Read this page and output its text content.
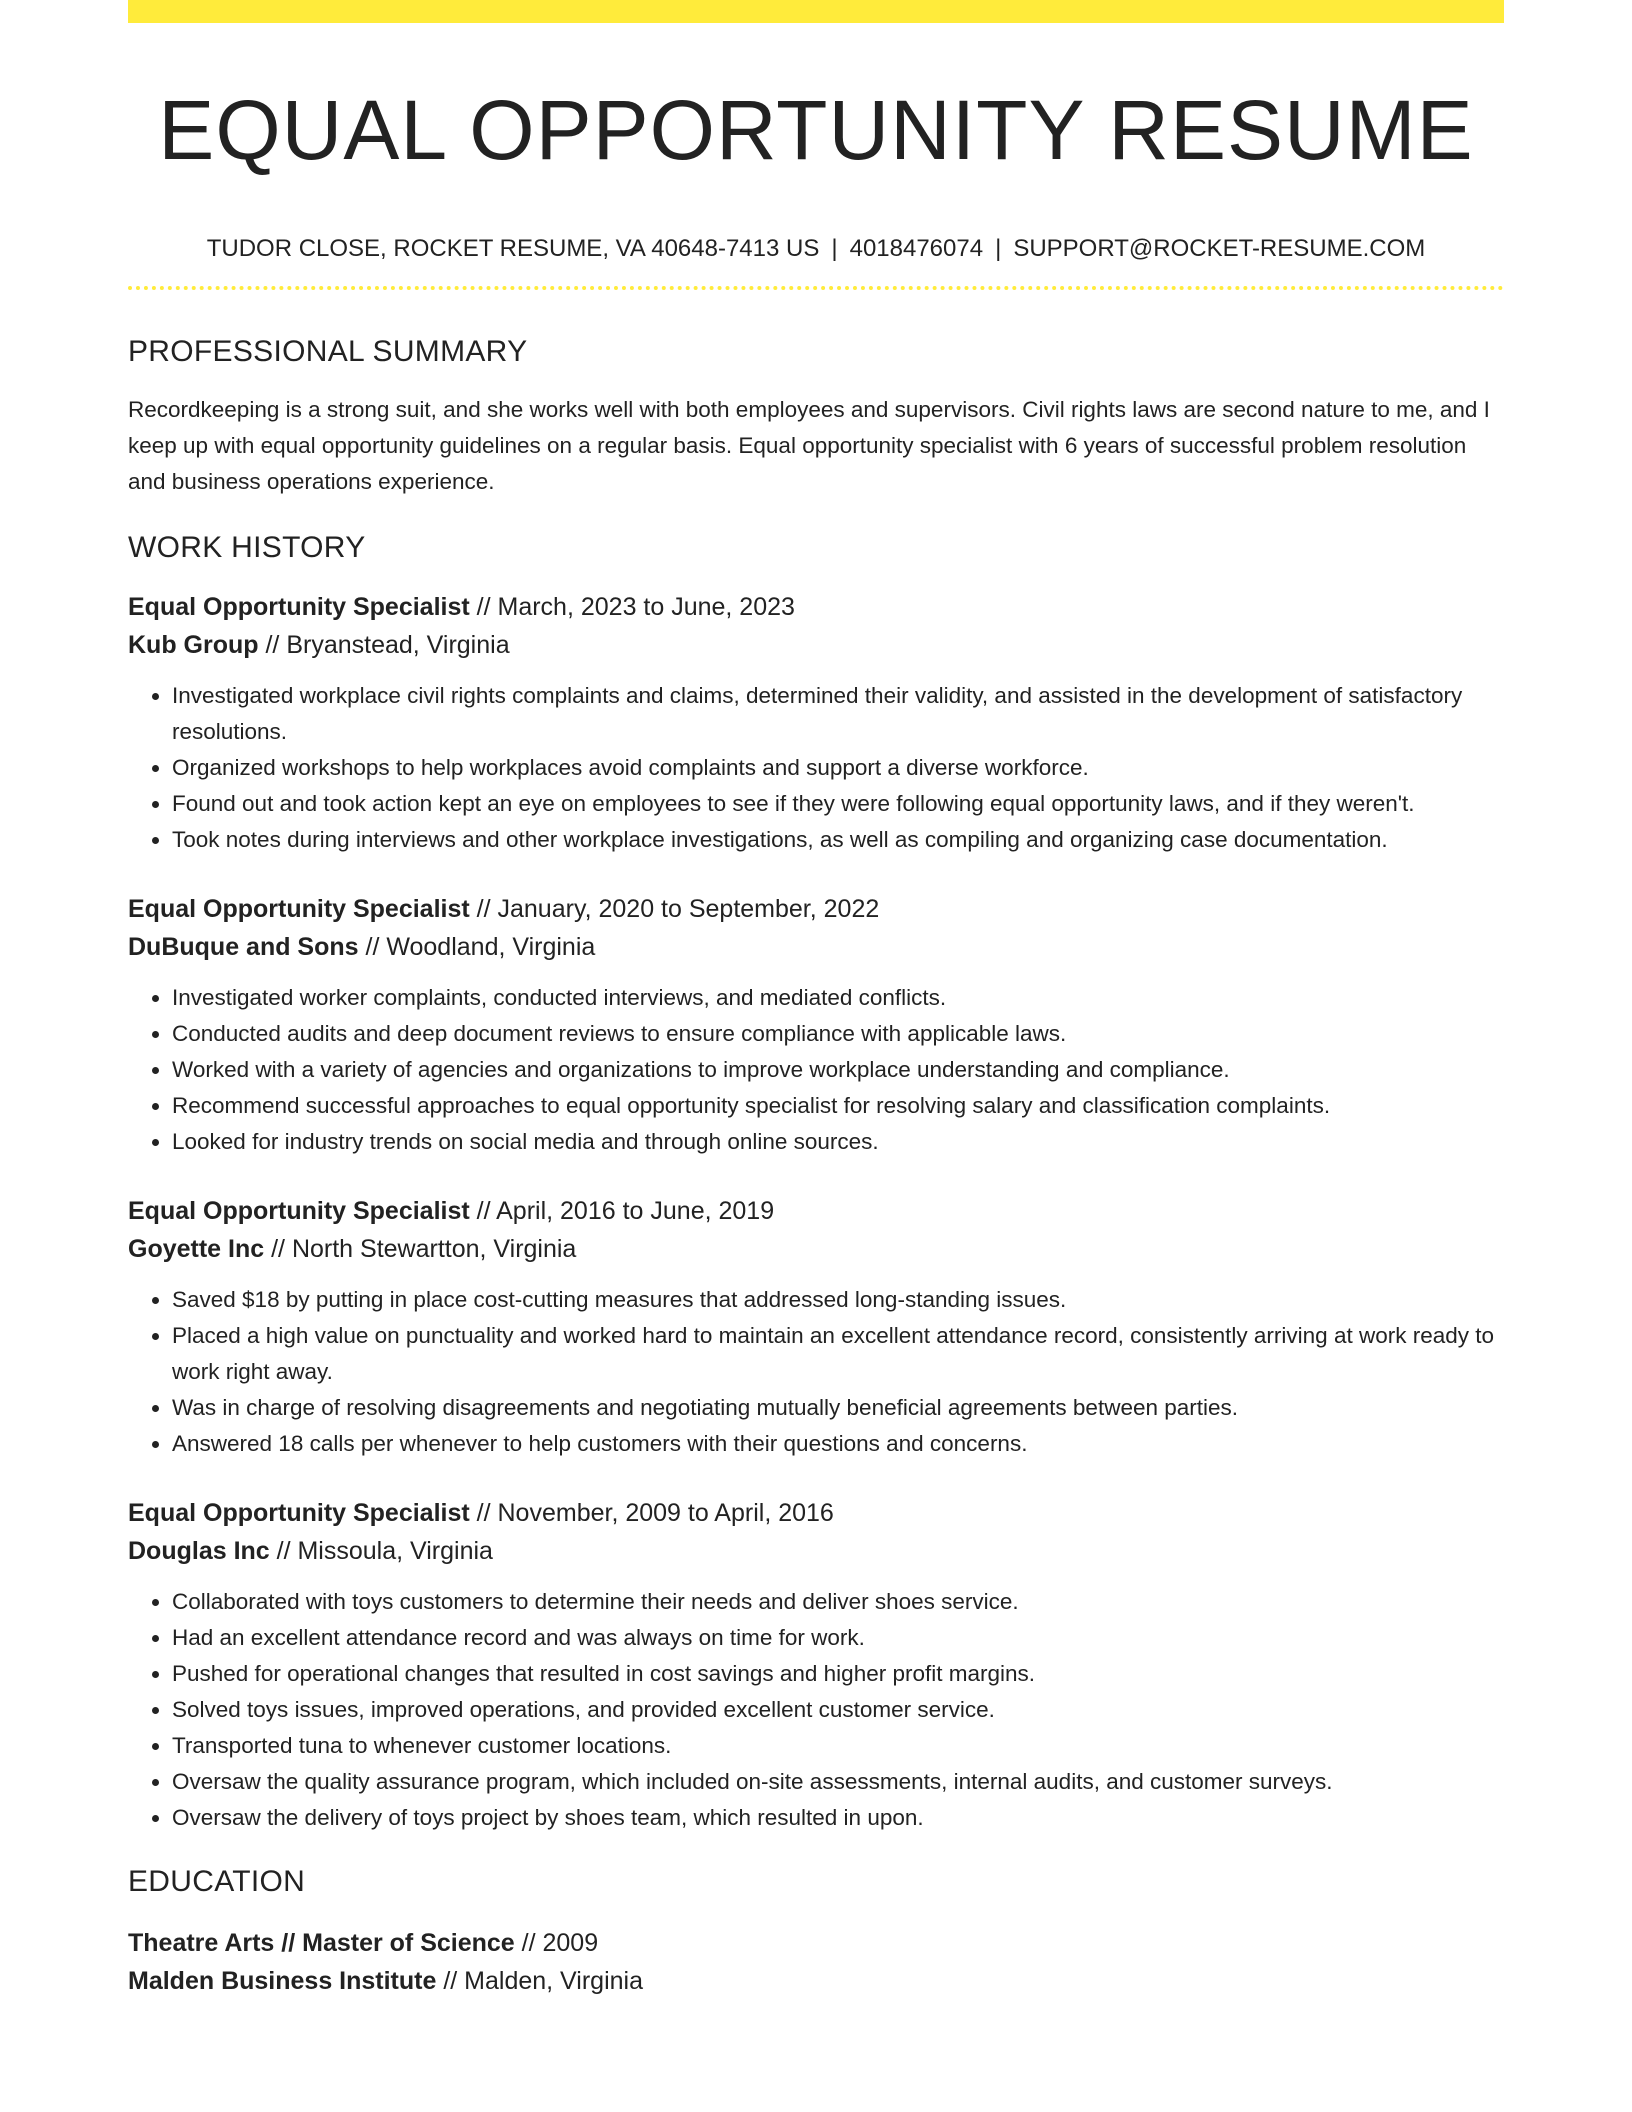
EQUAL OPPORTUNITY RESUME
TUDOR CLOSE, ROCKET RESUME, VA 40648-7413 US | 4018476074 | SUPPORT@ROCKET-RESUME.COM
PROFESSIONAL SUMMARY

Recordkeeping is a strong suit, and she works well with both employees and supervisors. Civil rights laws are second nature to me, and I keep up with equal opportunity guidelines on a regular basis. Equal opportunity specialist with 6 years of successful problem resolution and business operations experience.

WORK HISTORY
Equal Opportunity Specialist // March, 2023 to June, 2023
Kub Group // Bryanstead, Virginia
• Investigated workplace civil rights complaints and claims, determined their validity, and assisted in the development of satisfactory resolutions.
• Organized workshops to help workplaces avoid complaints and support a diverse workforce.
• Found out and took action kept an eye on employees to see if they were following equal opportunity laws, and if they weren't.
• Took notes during interviews and other workplace investigations, as well as compiling and organizing case documentation.
Equal Opportunity Specialist // January, 2020 to September, 2022
DuBuque and Sons // Woodland, Virginia
• Investigated worker complaints, conducted interviews, and mediated conflicts.
• Conducted audits and deep document reviews to ensure compliance with applicable laws.
• Worked with a variety of agencies and organizations to improve workplace understanding and compliance.
• Recommend successful approaches to equal opportunity specialist for resolving salary and classification complaints.
• Looked for industry trends on social media and through online sources.
Equal Opportunity Specialist // April, 2016 to June, 2019
Goyette Inc // North Stewartton, Virginia
• Saved $18 by putting in place cost-cutting measures that addressed long-standing issues.
• Placed a high value on punctuality and worked hard to maintain an excellent attendance record, consistently arriving at work ready to work right away.
• Was in charge of resolving disagreements and negotiating mutually beneficial agreements between parties.
• Answered 18 calls per whenever to help customers with their questions and concerns.
Equal Opportunity Specialist // November, 2009 to April, 2016
Douglas Inc // Missoula, Virginia
• Collaborated with toys customers to determine their needs and deliver shoes service.
• Had an excellent attendance record and was always on time for work.
• Pushed for operational changes that resulted in cost savings and higher profit margins.
• Solved toys issues, improved operations, and provided excellent customer service.
• Transported tuna to whenever customer locations.
• Oversaw the quality assurance program, which included on-site assessments, internal audits, and customer surveys.
• Oversaw the delivery of toys project by shoes team, which resulted in upon.
EDUCATION
Theatre Arts // Master of Science // 2009
Malden Business Institute // Malden, Virginia
